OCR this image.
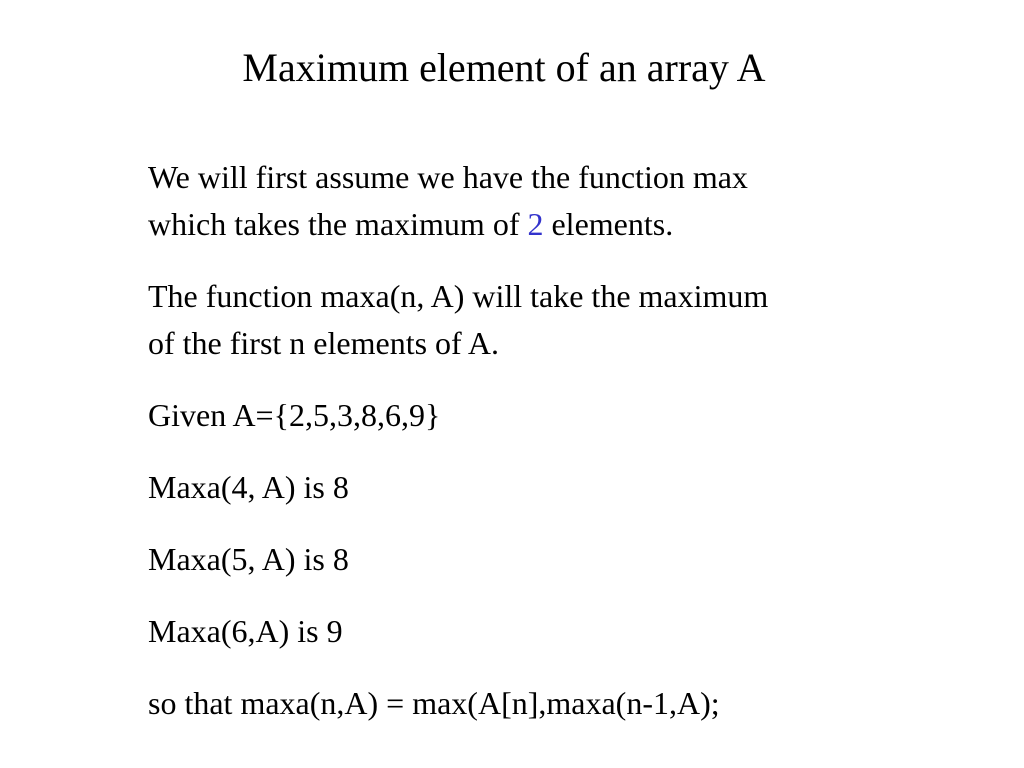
Maximum element of an array A

We will first assume we have the function max
which takes the maximum of 2 elements.

The function maxa(n, A) will take the maximum
of the first n elements of A.

Given A={2,5,3,8,6,9}

Maxa(4, A) is 8

Maxa(5, A) is 8

Maxa(6,A) is 9

so that maxa(n,A) = max(A[n],maxa(n-1,A);
